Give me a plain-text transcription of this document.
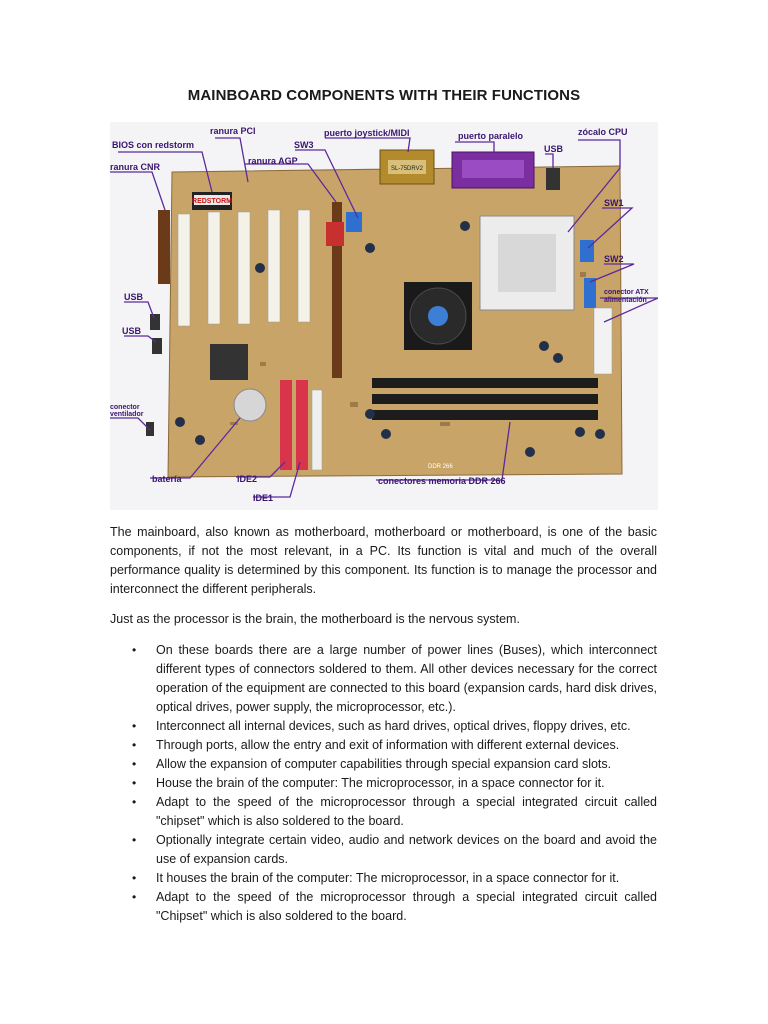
MAINBOARD COMPONENTS WITH THEIR FUNCTIONS
REDSTORM
SL-75DRV2
DDR 266
BIOS con redstorm
ranura PCI
SW3
puerto joystick/MIDI	puerto paralelo	zócalo CPU
USB
ranura CNR
ranura AGP
SW1
SW2
USB
USB
conector ATX
alimentación
conector
ventilador
batería	IDE2
IDE1
conectores memoria DDR 266

The mainboard, also known as motherboard, motherboard or motherboard, is one of the basic components, if not the most relevant, in a PC. Its function is vital and much of the overall performance quality is determined by this component. Its function is to manage the processor and interconnect the different peripherals.

Just as the processor is the brain, the motherboard is the nervous system.

• On these boards there are a large number of power lines (Buses), which interconnect different types of connectors soldered to them. All other devices necessary for the correct operation of the equipment are connected to this board (expansion cards, hard disk drives, optical drives, power supply, the microprocessor, etc.).
• Interconnect all internal devices, such as hard drives, optical drives, floppy drives, etc.
• Through ports, allow the entry and exit of information with different external devices.
• Allow the expansion of computer capabilities through special expansion card slots.
• House the brain of the computer: The microprocessor, in a space connector for it.
• Adapt to the speed of the microprocessor through a special integrated circuit called "chipset" which is also soldered to the board.
• Optionally integrate certain video, audio and network devices on the board and avoid the use of expansion cards.
• It houses the brain of the computer: The microprocessor, in a space connector for it.
• Adapt to the speed of the microprocessor through a special integrated circuit called "Chipset" which is also soldered to the board.
